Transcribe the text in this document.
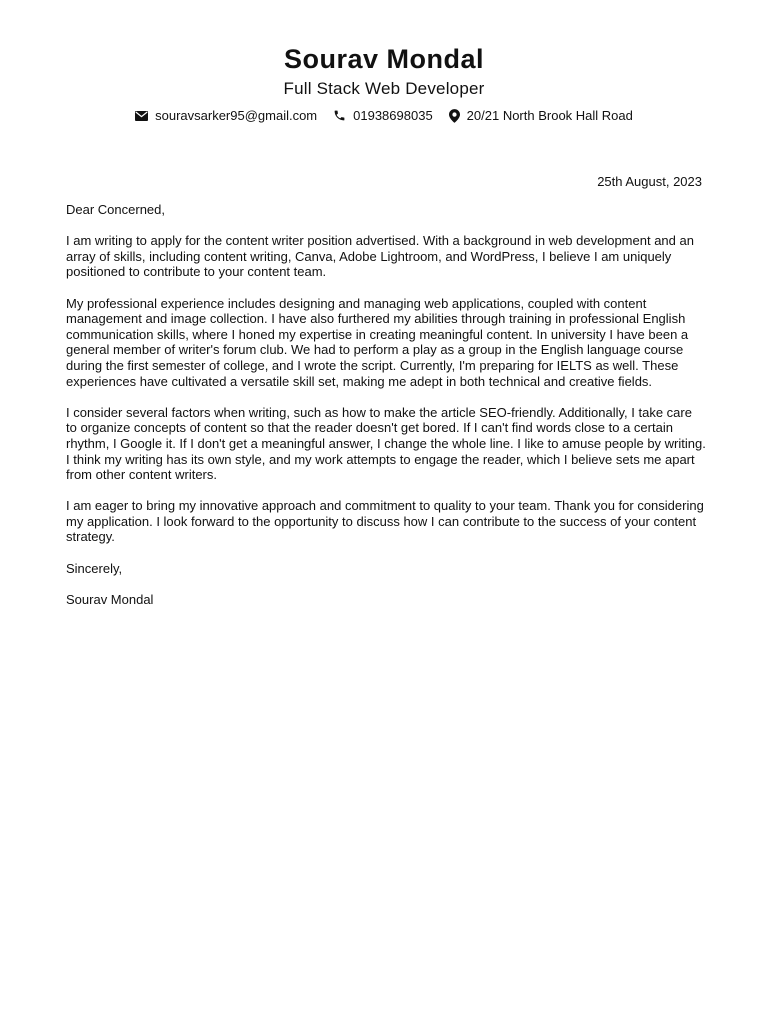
Sourav Mondal
Full Stack Web Developer
souravsarker95@gmail.com	01938698035	20/21 North Brook Hall Road
25th August, 2023

Dear Concerned,

I am writing to apply for the content writer position advertised. With a background in web development and an array of skills, including content writing, Canva, Adobe Lightroom, and WordPress, I believe I am uniquely positioned to contribute to your content team.

My professional experience includes designing and managing web applications, coupled with content management and image collection. I have also furthered my abilities through training in professional English communication skills, where I honed my expertise in creating meaningful content. In university I have been a general member of writer's forum club. We had to perform a play as a group in the English language course during the first semester of college, and I wrote the script. Currently, I'm preparing for IELTS as well. These experiences have cultivated a versatile skill set, making me adept in both technical and creative fields.

I consider several factors when writing, such as how to make the article SEO-friendly. Additionally, I take care to organize concepts of content so that the reader doesn't get bored. If I can't find words close to a certain rhythm, I Google it. If I don't get a meaningful answer, I change the whole line. I like to amuse people by writing. I think my writing has its own style, and my work attempts to engage the reader, which I believe sets me apart from other content writers.

I am eager to bring my innovative approach and commitment to quality to your team. Thank you for considering my application. I look forward to the opportunity to discuss how I can contribute to the success of your content strategy.

Sincerely,

Sourav Mondal
